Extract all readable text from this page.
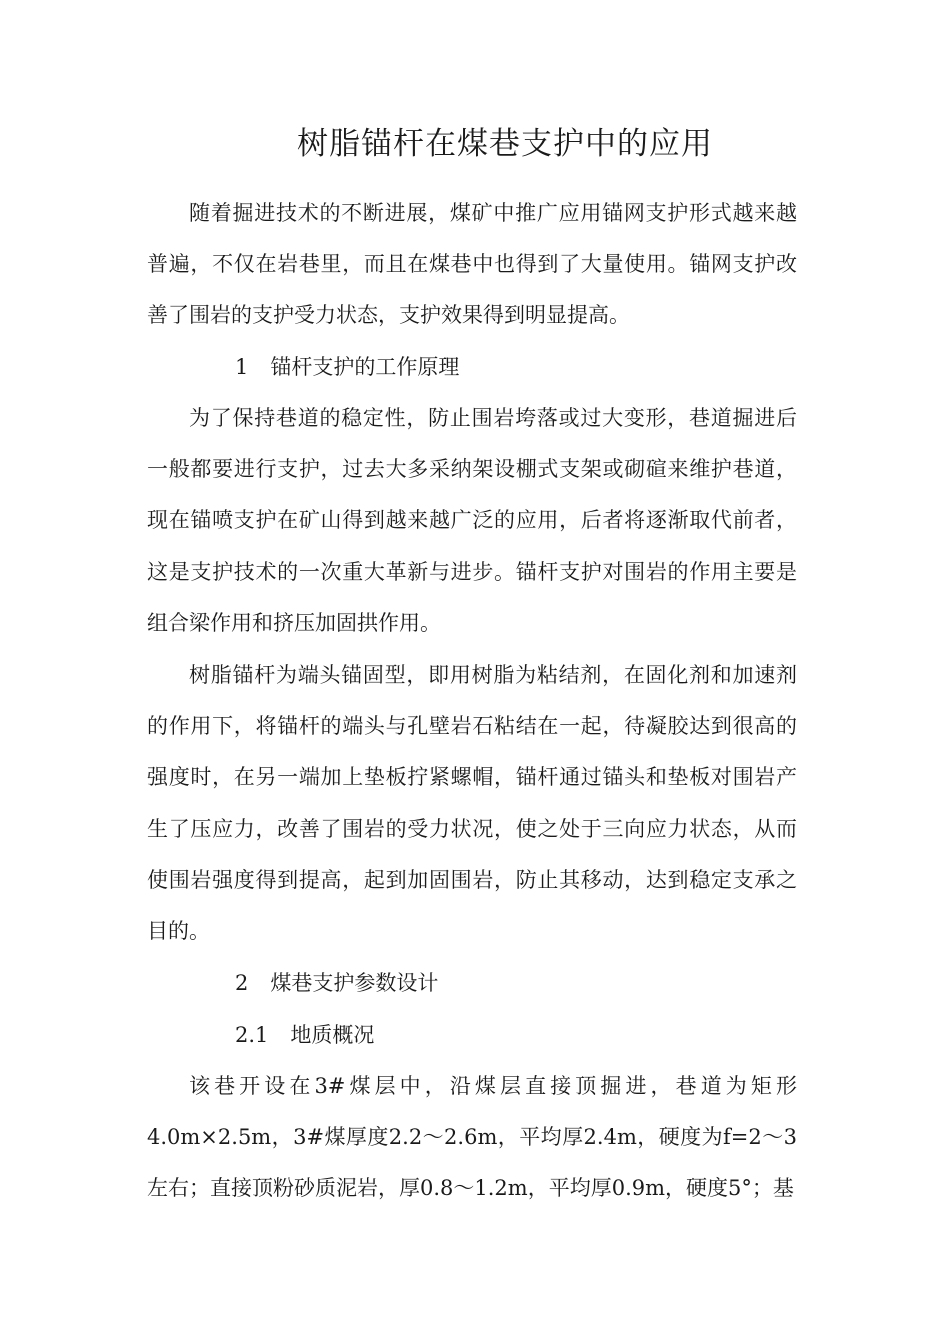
树脂锚杆在煤巷支护中的应用

随着掘进技术的不断进展，煤矿中推广应用锚网支护形式越来越普遍，不仅在岩巷里，而且在煤巷中也得到了大量使用。锚网支护改善了围岩的支护受力状态，支护效果得到明显提高。

1 锚杆支护的工作原理

为了保持巷道的稳定性，防止围岩垮落或过大变形，巷道掘进后一般都要进行支护，过去大多采纳架设棚式支架或砌碹来维护巷道，现在锚喷支护在矿山得到越来越广泛的应用，后者将逐渐取代前者，这是支护技术的一次重大革新与进步。锚杆支护对围岩的作用主要是组合梁作用和挤压加固拱作用。

树脂锚杆为端头锚固型，即用树脂为粘结剂，在固化剂和加速剂的作用下，将锚杆的端头与孔壁岩石粘结在一起，待凝胶达到很高的强度时，在另一端加上垫板拧紧螺帽，锚杆通过锚头和垫板对围岩产生了压应力，改善了围岩的受力状况，使之处于三向应力状态，从而使围岩强度得到提高，起到加固围岩，防止其移动，达到稳定支承之目的。

2 煤巷支护参数设计
2.1 地质概况

该巷开设在3#煤层中，沿煤层直接顶掘进，巷道为矩形4.0m×2.5m，3#煤厚度2.2～2.6m，平均厚2.4m，硬度为f=2～3左右；直接顶粉砂质泥岩，厚0.8～1.2m，平均厚0.9m，硬度5°；基
